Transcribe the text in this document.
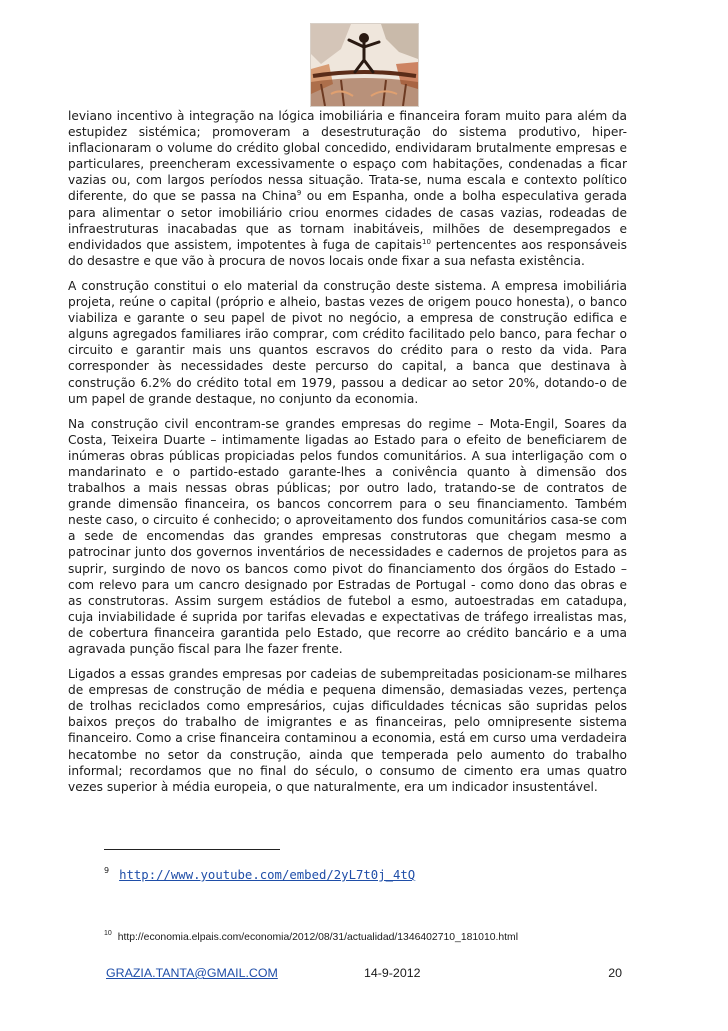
leviano incentivo à integração na lógica imobiliária e financeira foram muito para além da estupidez sistémica; promoveram a desestruturação do sistema produtivo, hiper-inflacionaram o volume do crédito global concedido, endividaram brutalmente empresas e particulares, preencheram excessivamente o espaço com habitações, condenadas a ficar vazias ou, com largos períodos nessa situação. Trata-se, numa escala e contexto político diferente, do que se passa na China$^9$ ou em Espanha, onde a bolha especulativa gerada para alimentar o setor imobiliário criou enormes cidades de casas vazias, rodeadas de infraestruturas inacabadas que as tornam inabitáveis, milhões de desempregados e endividados que assistem, impotentes à fuga de capitais$^{10}$ pertencentes aos responsáveis do desastre e que vão à procura de novos locais onde fixar a sua nefasta existência.

A construção constitui o elo material da construção deste sistema. A empresa imobiliária projeta, reúne o capital (próprio e alheio, bastas vezes de origem pouco honesta), o banco viabiliza e garante o seu papel de pivot no negócio, a empresa de construção edifica e alguns agregados familiares irão comprar, com crédito facilitado pelo banco, para fechar o circuito e garantir mais uns quantos escravos do crédito para o resto da vida. Para corresponder às necessidades deste percurso do capital, a banca que destinava à construção 6.2% do crédito total em 1979, passou a dedicar ao setor 20%, dotando-o de um papel de grande destaque, no conjunto da economia.

Na construção civil encontram-se grandes empresas do regime – Mota-Engil, Soares da Costa, Teixeira Duarte – intimamente ligadas ao Estado para o efeito de beneficiarem de inúmeras obras públicas propiciadas pelos fundos comunitários. A sua interligação com o mandarinato e o partido-estado garante-lhes a conivência quanto à dimensão dos trabalhos a mais nessas obras públicas; por outro lado, tratando-se de contratos de grande dimensão financeira, os bancos concorrem para o seu financiamento. Também neste caso, o circuito é conhecido; o aproveitamento dos fundos comunitários casa-se com a sede de encomendas das grandes empresas construtoras que chegam mesmo a patrocinar junto dos governos inventários de necessidades e cadernos de projetos para as suprir, surgindo de novo os bancos como pivot do financiamento dos órgãos do Estado – com relevo para um cancro designado por Estradas de Portugal - como dono das obras e as construtoras. Assim surgem estádios de futebol a esmo, autoestradas em catadupa, cuja inviabilidade é suprida por tarifas elevadas e expectativas de tráfego irrealistas mas, de cobertura financeira garantida pelo Estado, que recorre ao crédito bancário e a uma agravada punção fiscal para lhe fazer frente.

Ligados a essas grandes empresas por cadeias de subempreitadas posicionam-se milhares de empresas de construção de média e pequena dimensão, demasiadas vezes, pertença de trolhas reciclados como empresários, cujas dificuldades técnicas são supridas pelos baixos preços do trabalho de imigrantes e as financeiras, pelo omnipresente sistema financeiro. Como a crise financeira contaminou a economia, está em curso uma verdadeira hecatombe no setor da construção, ainda que temperada pelo aumento do trabalho informal; recordamos que no final do século, o consumo de cimento era umas quatro vezes superior à média europeia, o que naturalmente, era um indicador insustentável.

$^9$ http://www.youtube.com/embed/2yL7t0j_4tQ
$^{10}$ http://economia.elpais.com/economia/2012/08/31/actualidad/1346402710_181010.html
GRAZIA.TANTA@GMAIL.COM	14-9-2012	20
